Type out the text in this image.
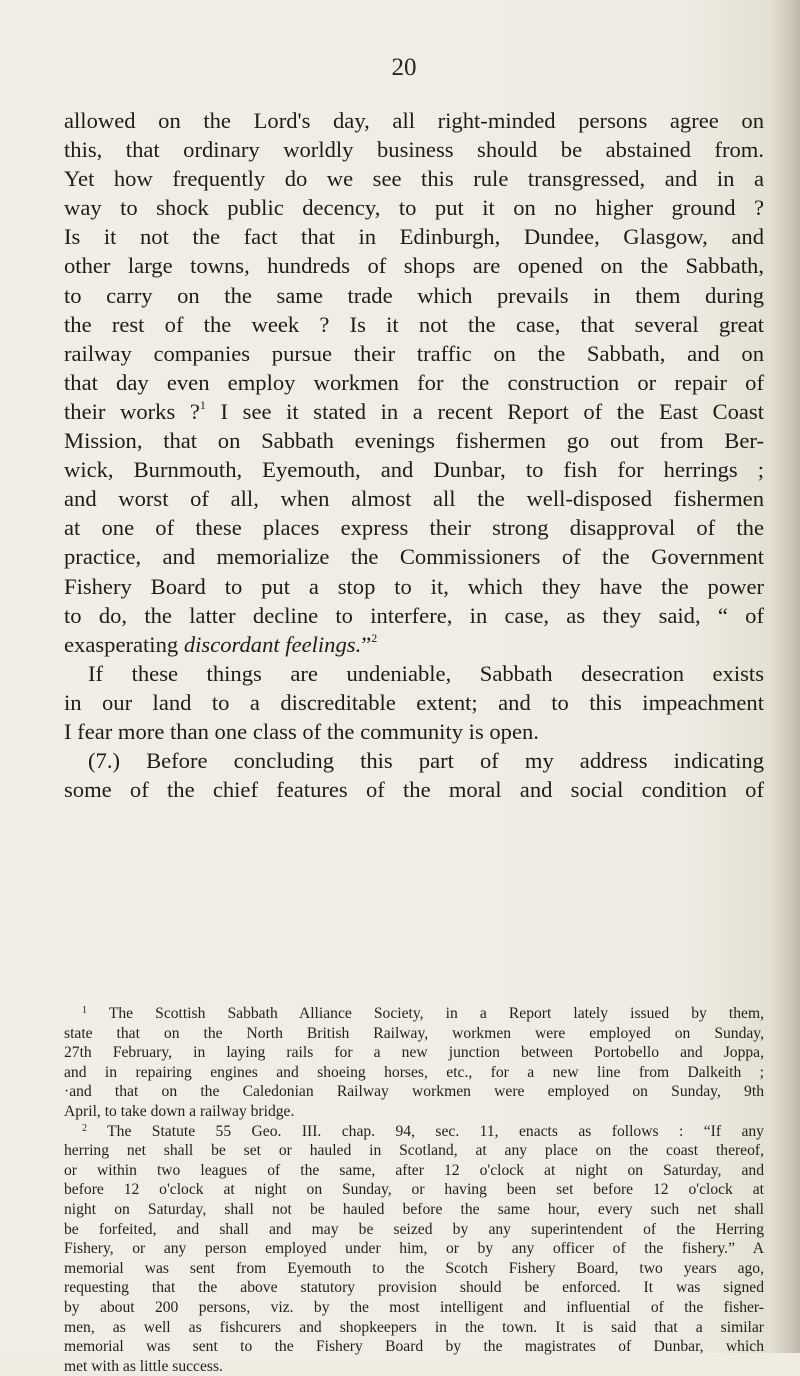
20
allowed on the Lord's day, all right-minded persons agree on
this, that ordinary worldly business should be abstained from.
Yet how frequently do we see this rule transgressed, and in a
way to shock public decency, to put it on no higher ground ?
Is it not the fact that in Edinburgh, Dundee, Glasgow, and
other large towns, hundreds of shops are opened on the Sabbath,
to carry on the same trade which prevails in them during
the rest of the week ? Is it not the case, that several great
railway companies pursue their traffic on the Sabbath, and on
that day even employ workmen for the construction or repair of
their works ?$^1$ I see it stated in a recent Report of the East Coast
Mission, that on Sabbath evenings fishermen go out from Ber-
wick, Burnmouth, Eyemouth, and Dunbar, to fish for herrings ;
and worst of all, when almost all the well-disposed fishermen
at one of these places express their strong disapproval of the
practice, and memorialize the Commissioners of the Government
Fishery Board to put a stop to it, which they have the power
to do, the latter decline to interfere, in case, as they said, “ of
exasperating discordant feelings.”$^2$
If these things are undeniable, Sabbath desecration exists
in our land to a discreditable extent; and to this impeachment
I fear more than one class of the community is open.
(7.) Before concluding this part of my address indicating
some of the chief features of the moral and social condition of
$^1$ The Scottish Sabbath Alliance Society, in a Report lately issued by them,
state that on the North British Railway, workmen were employed on Sunday,
27th February, in laying rails for a new junction between Portobello and Joppa,
and in repairing engines and shoeing horses, etc., for a new line from Dalkeith ;
·and that on the Caledonian Railway workmen were employed on Sunday, 9th
April, to take down a railway bridge.
$^2$ The Statute 55 Geo. III. chap. 94, sec. 11, enacts as follows : “If any
herring net shall be set or hauled in Scotland, at any place on the coast thereof,
or within two leagues of the same, after 12 o'clock at night on Saturday, and
before 12 o'clock at night on Sunday, or having been set before 12 o'clock at
night on Saturday, shall not be hauled before the same hour, every such net shall
be forfeited, and shall and may be seized by any superintendent of the Herring
Fishery, or any person employed under him, or by any officer of the fishery.” A
memorial was sent from Eyemouth to the Scotch Fishery Board, two years ago,
requesting that the above statutory provision should be enforced. It was signed
by about 200 persons, viz. by the most intelligent and influential of the fisher-
men, as well as fishcurers and shopkeepers in the town. It is said that a similar
memorial was sent to the Fishery Board by the magistrates of Dunbar, which
met with as little success.
